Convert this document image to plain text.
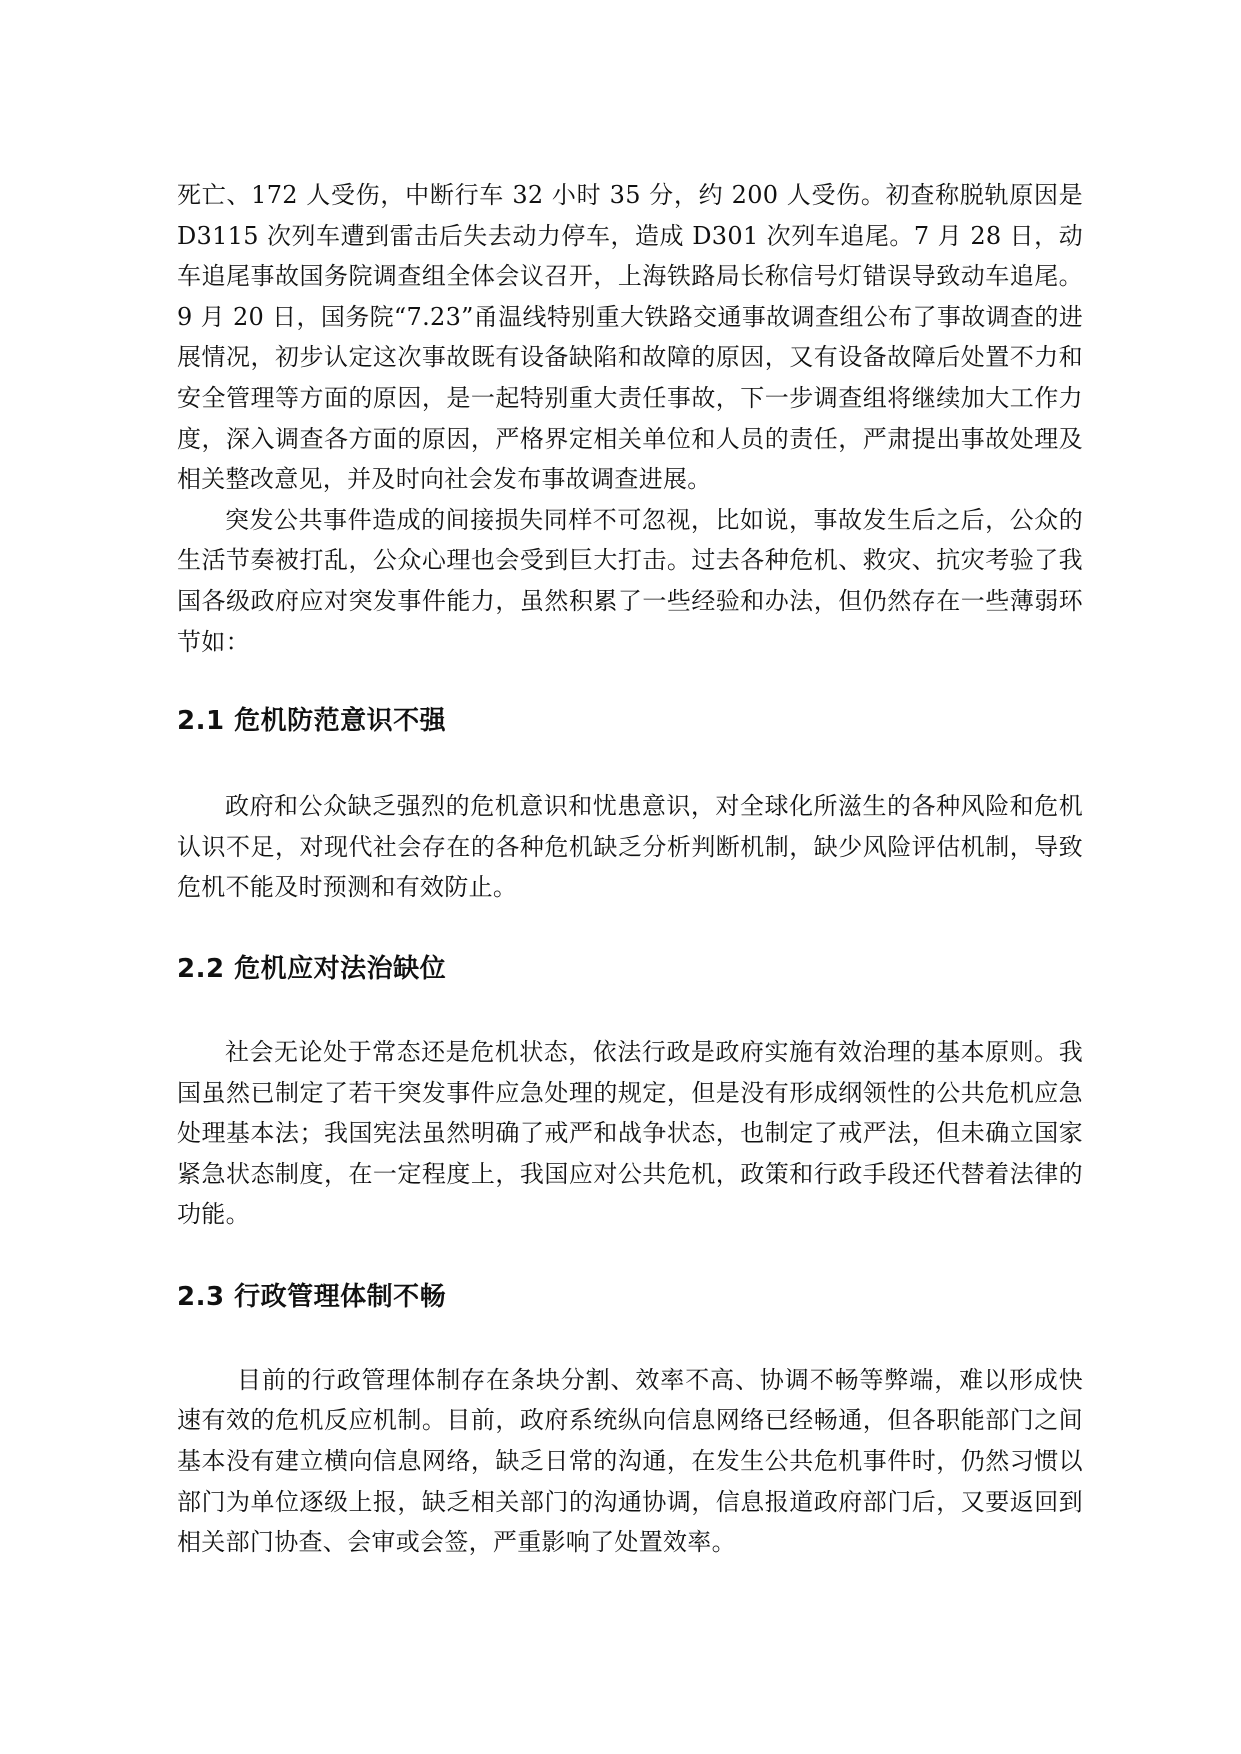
死亡、172 人受伤，中断行车 32 小时 35 分，约 200 人受伤。初查称脱轨原因是 D3115 次列车遭到雷击后失去动力停车，造成 D301 次列车追尾。7 月 28 日，动车追尾事故国务院调查组全体会议召开，上海铁路局长称信号灯错误导致动车追尾。9 月 20 日，国务院“7.23”甬温线特别重大铁路交通事故调查组公布了事故调查的进展情况，初步认定这次事故既有设备缺陷和故障的原因，又有设备故障后处置不力和安全管理等方面的原因，是一起特别重大责任事故，下一步调查组将继续加大工作力度，深入调查各方面的原因，严格界定相关单位和人员的责任，严肃提出事故处理及相关整改意见，并及时向社会发布事故调查进展。

突发公共事件造成的间接损失同样不可忽视，比如说，事故发生后之后，公众的生活节奏被打乱，公众心理也会受到巨大打击。过去各种危机、救灾、抗灾考验了我国各级政府应对突发事件能力，虽然积累了一些经验和办法，但仍然存在一些薄弱环节如：

2.1 危机防范意识不强

政府和公众缺乏强烈的危机意识和忧患意识，对全球化所滋生的各种风险和危机认识不足，对现代社会存在的各种危机缺乏分析判断机制，缺少风险评估机制，导致危机不能及时预测和有效防止。

2.2 危机应对法治缺位

社会无论处于常态还是危机状态，依法行政是政府实施有效治理的基本原则。我国虽然已制定了若干突发事件应急处理的规定，但是没有形成纲领性的公共危机应急处理基本法；我国宪法虽然明确了戒严和战争状态，也制定了戒严法，但未确立国家紧急状态制度，在一定程度上，我国应对公共危机，政策和行政手段还代替着法律的功能。

2.3 行政管理体制不畅

目前的行政管理体制存在条块分割、效率不高、协调不畅等弊端，难以形成快速有效的危机反应机制。目前，政府系统纵向信息网络已经畅通，但各职能部门之间基本没有建立横向信息网络，缺乏日常的沟通，在发生公共危机事件时，仍然习惯以部门为单位逐级上报，缺乏相关部门的沟通协调，信息报道政府部门后，又要返回到相关部门协查、会审或会签，严重影响了处置效率。
